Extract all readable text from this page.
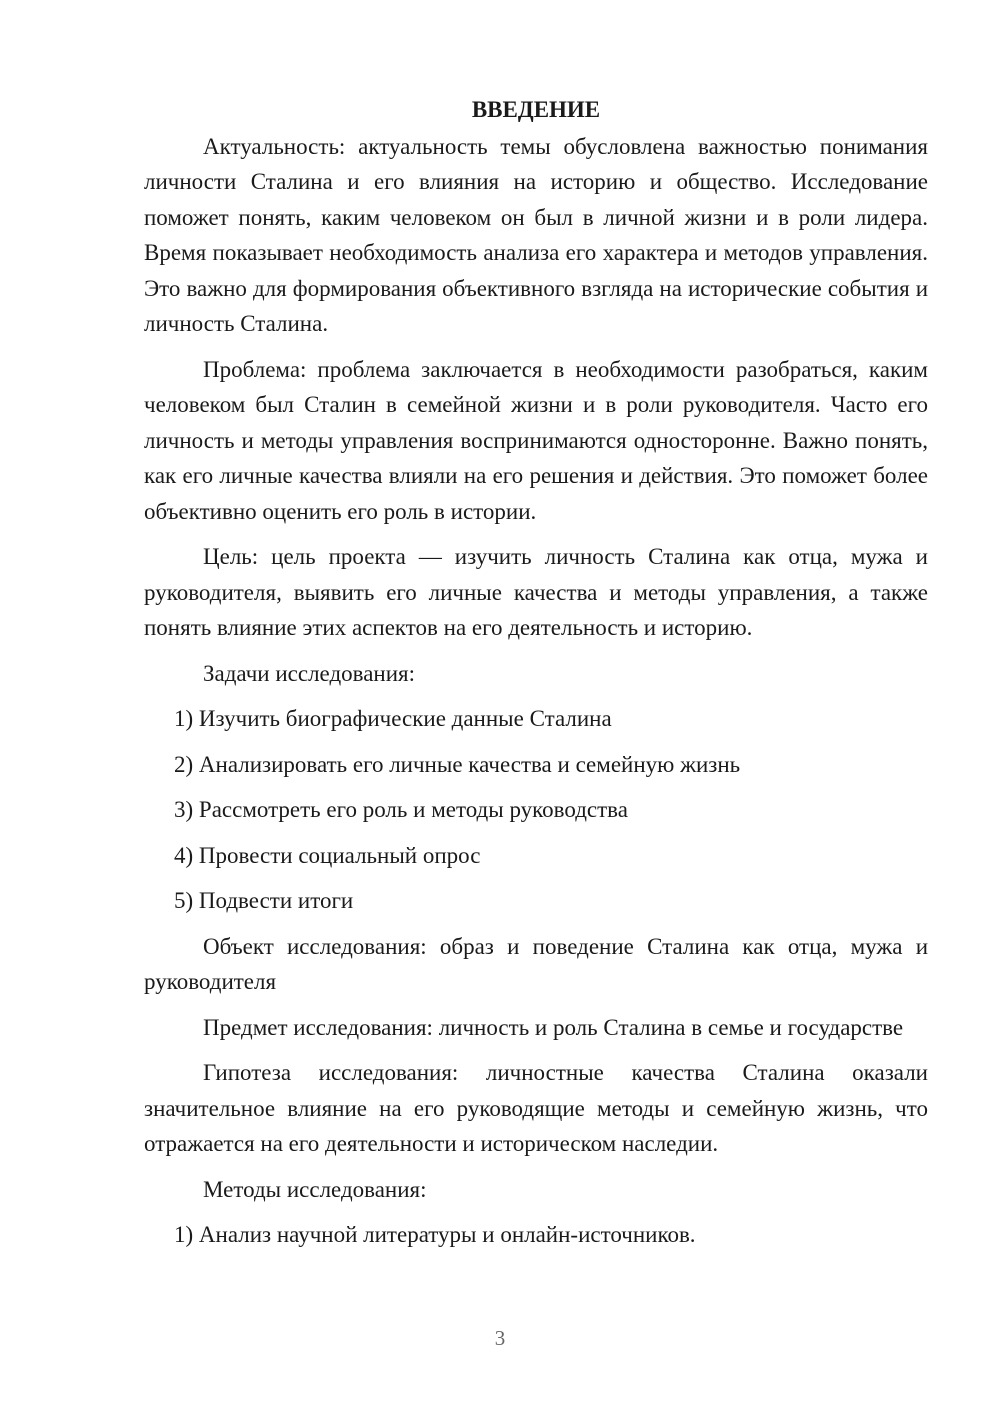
ВВЕДЕНИЕ

Актуальность: актуальность темы обусловлена важностью понимания личности Сталина и его влияния на историю и общество. Исследование поможет понять, каким человеком он был в личной жизни и в роли лидера. Время показывает необходимость анализа его характера и методов управления. Это важно для формирования объективного взгляда на исторические события и личность Сталина.

Проблема: проблема заключается в необходимости разобраться, каким человеком был Сталин в семейной жизни и в роли руководителя. Часто его личность и методы управления воспринимаются односторонне. Важно понять, как его личные качества влияли на его решения и действия. Это поможет более объективно оценить его роль в истории.

Цель: цель проекта — изучить личность Сталина как отца, мужа и руководителя, выявить его личные качества и методы управления, а также понять влияние этих аспектов на его деятельность и историю.

Задачи исследования:

1) Изучить биографические данные Сталина

2) Анализировать его личные качества и семейную жизнь

3) Рассмотреть его роль и методы руководства

4) Провести социальный опрос

5) Подвести итоги

Объект исследования: образ и поведение Сталина как отца, мужа и руководителя

Предмет исследования: личность и роль Сталина в семье и государстве

Гипотеза исследования: личностные качества Сталина оказали значительное влияние на его руководящие методы и семейную жизнь, что отражается на его деятельности и историческом наследии.

Методы исследования:

1) Анализ научной литературы и онлайн-источников.

3
